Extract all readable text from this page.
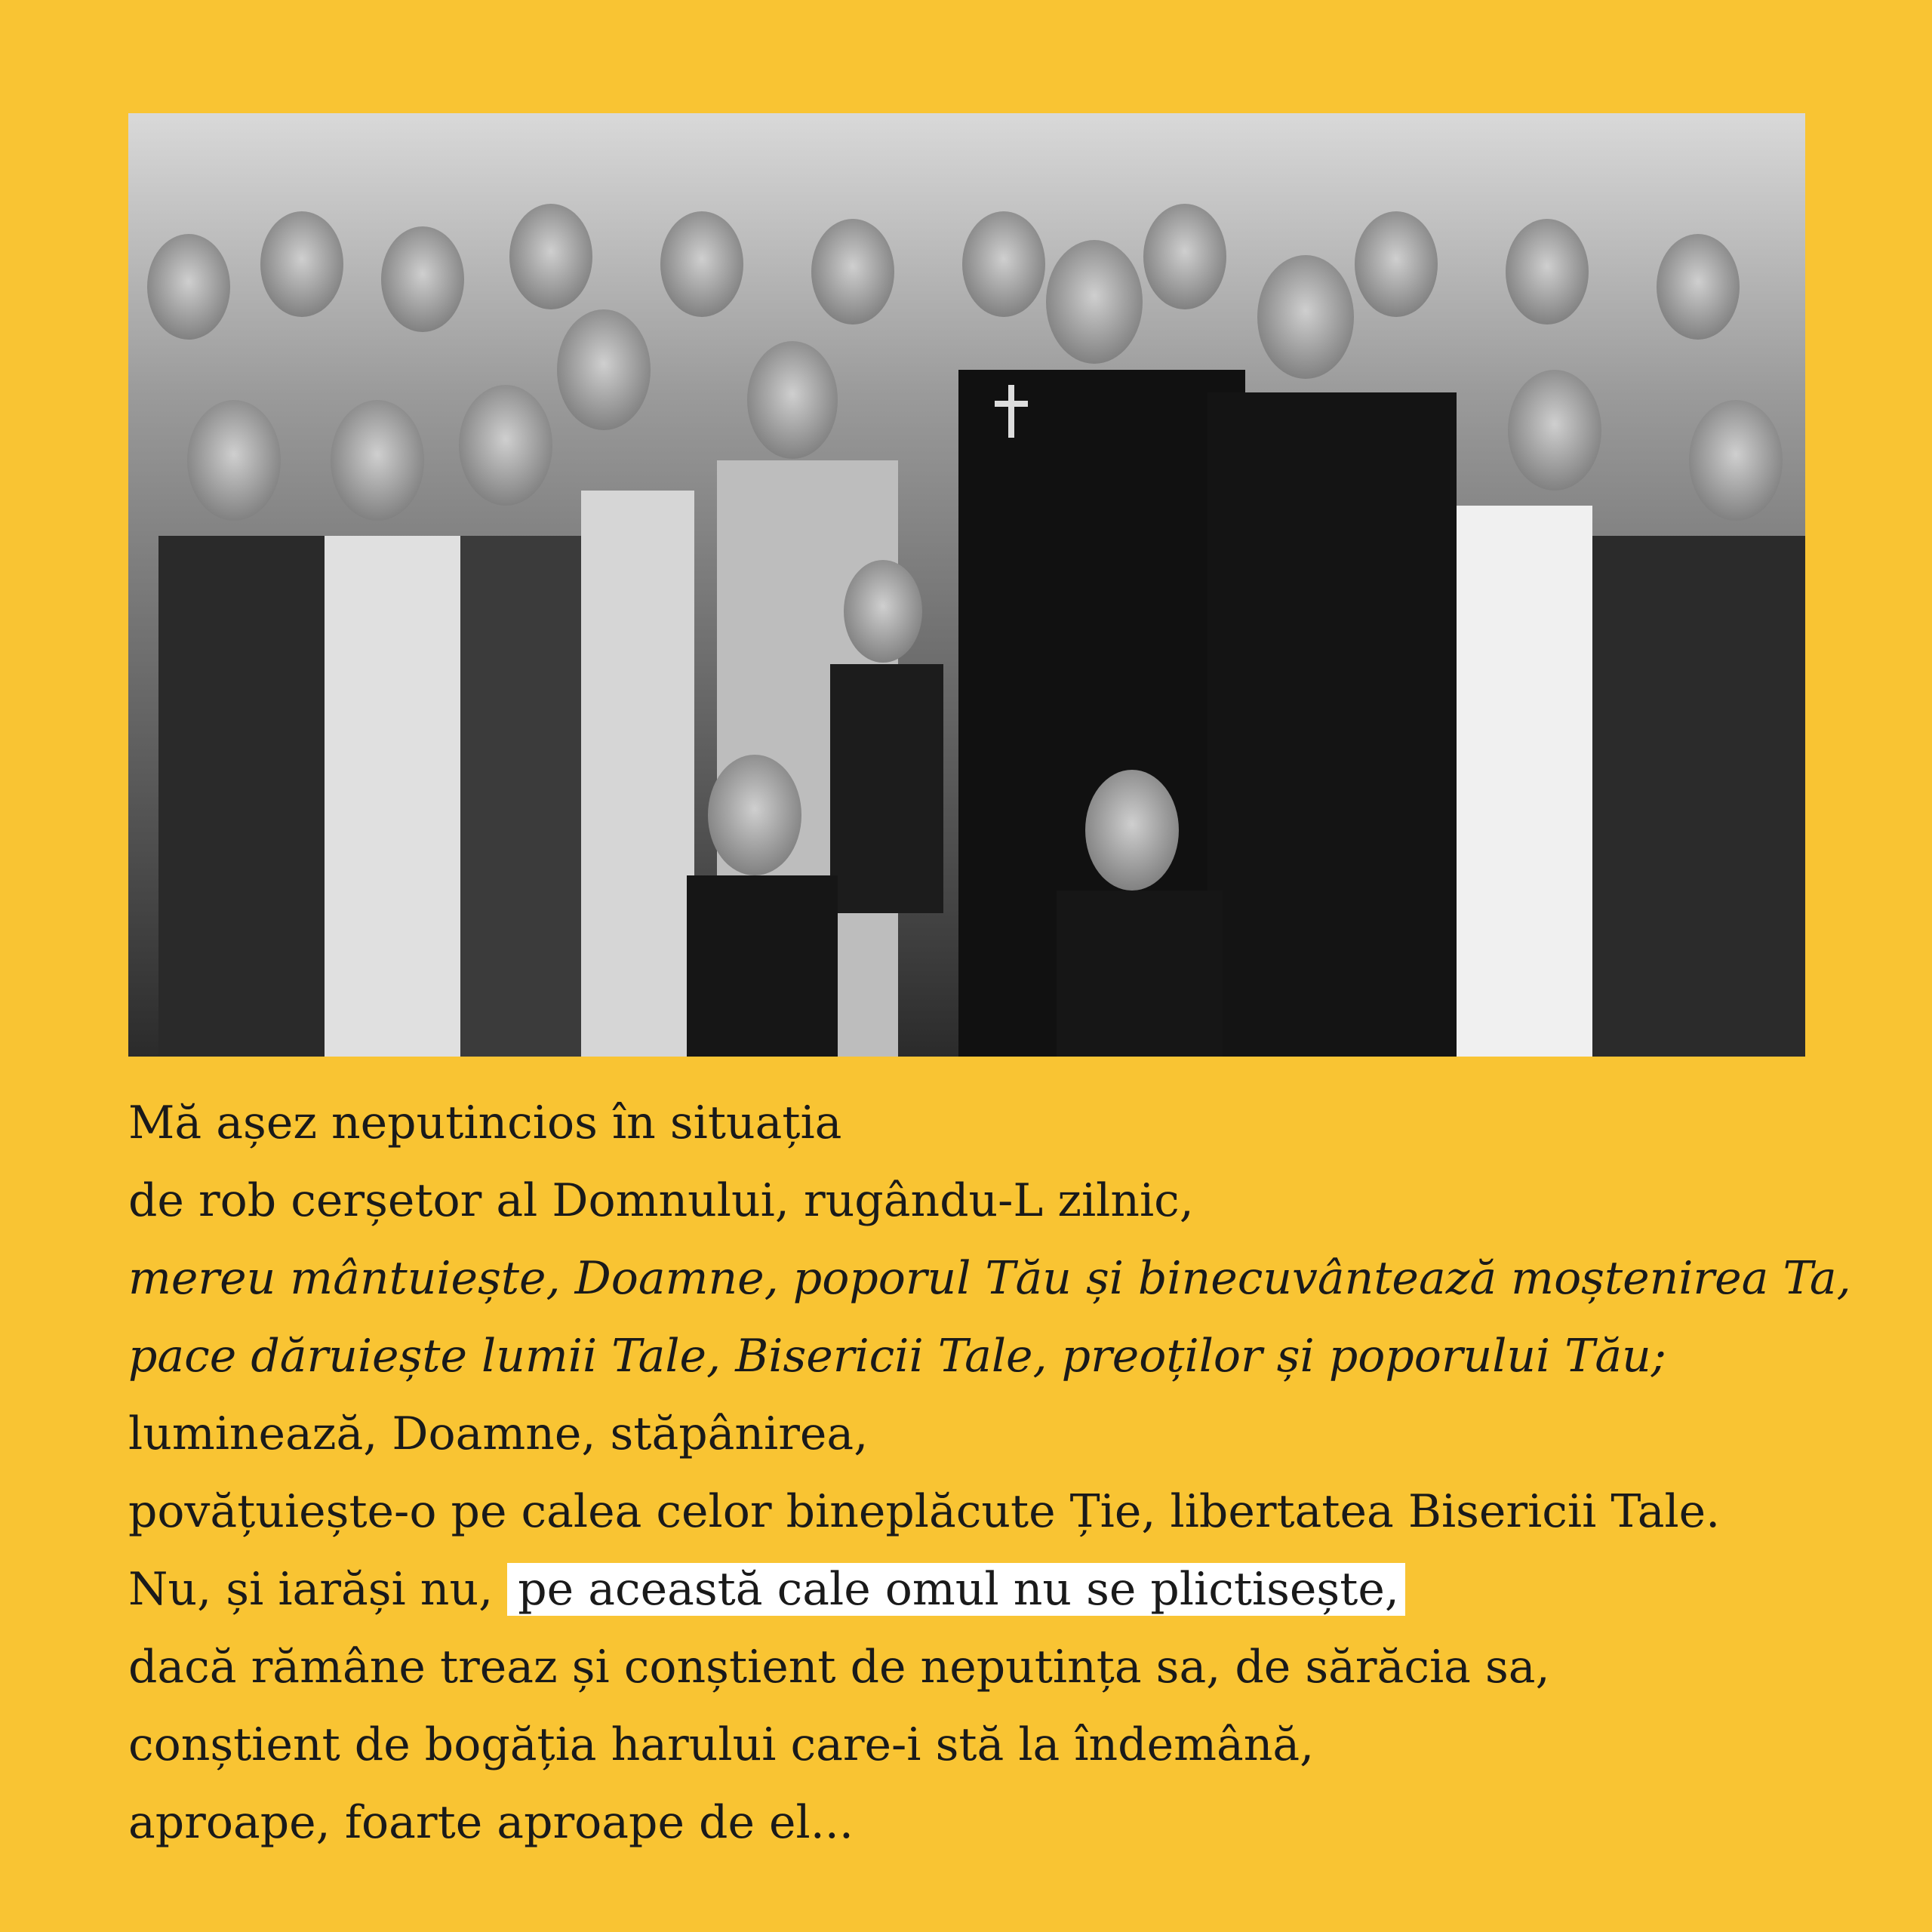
Mă așez neputincios în situația
de rob cerșetor al Domnului, rugându-L zilnic,
mereu mântuiește, Doamne, poporul Tău și binecuvântează moștenirea Ta,
pace dăruiește lumii Tale, Bisericii Tale, preoților și poporului Tău;
luminează, Doamne, stăpânirea,
povățuiește-o pe calea celor bineplăcute Ție, libertatea Bisericii Tale.
Nu, și iarăși nu, pe această cale omul nu se plictisește,
dacă rămâne treaz și conștient de neputința sa, de sărăcia sa,
conștient de bogăția harului care-i stă la îndemână,
aproape, foarte aproape de el...
